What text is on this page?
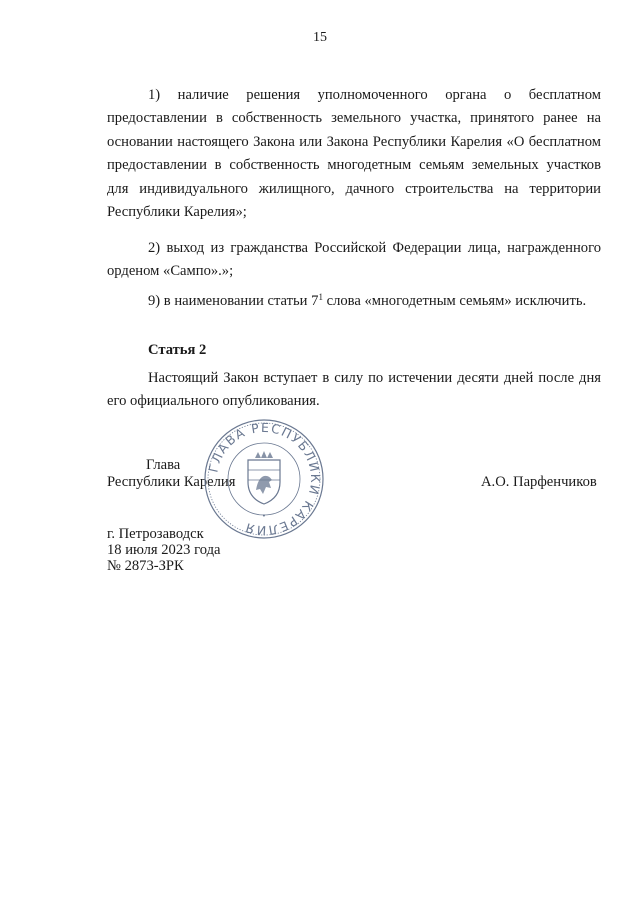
15

1) наличие решения уполномоченного органа о бесплатном предоставлении в собственность земельного участка, принятого ранее на основании настоящего Закона или Закона Республики Карелия «О бесплатном предоставлении в собственность многодетным семьям земельных участков для индивидуального жилищного, дачного строительства на территории Республики Карелия»;

2) выход из гражданства Российской Федерации лица, награжденного орденом «Сампо».»;

9) в наименовании статьи $7^1$ слова «многодетным семьям» исключить.

Статья 2

Настоящий Закон вступает в силу по истечении десяти дней после дня его официального опубликования.

Глава
Республики Карелия	А.О. Парфенчиков
ГЛАВА РЕСПУБЛИКИ КАРЕЛИЯ
•
г. Петрозаводск
18 июля 2023 года
№ 2873-ЗРК
